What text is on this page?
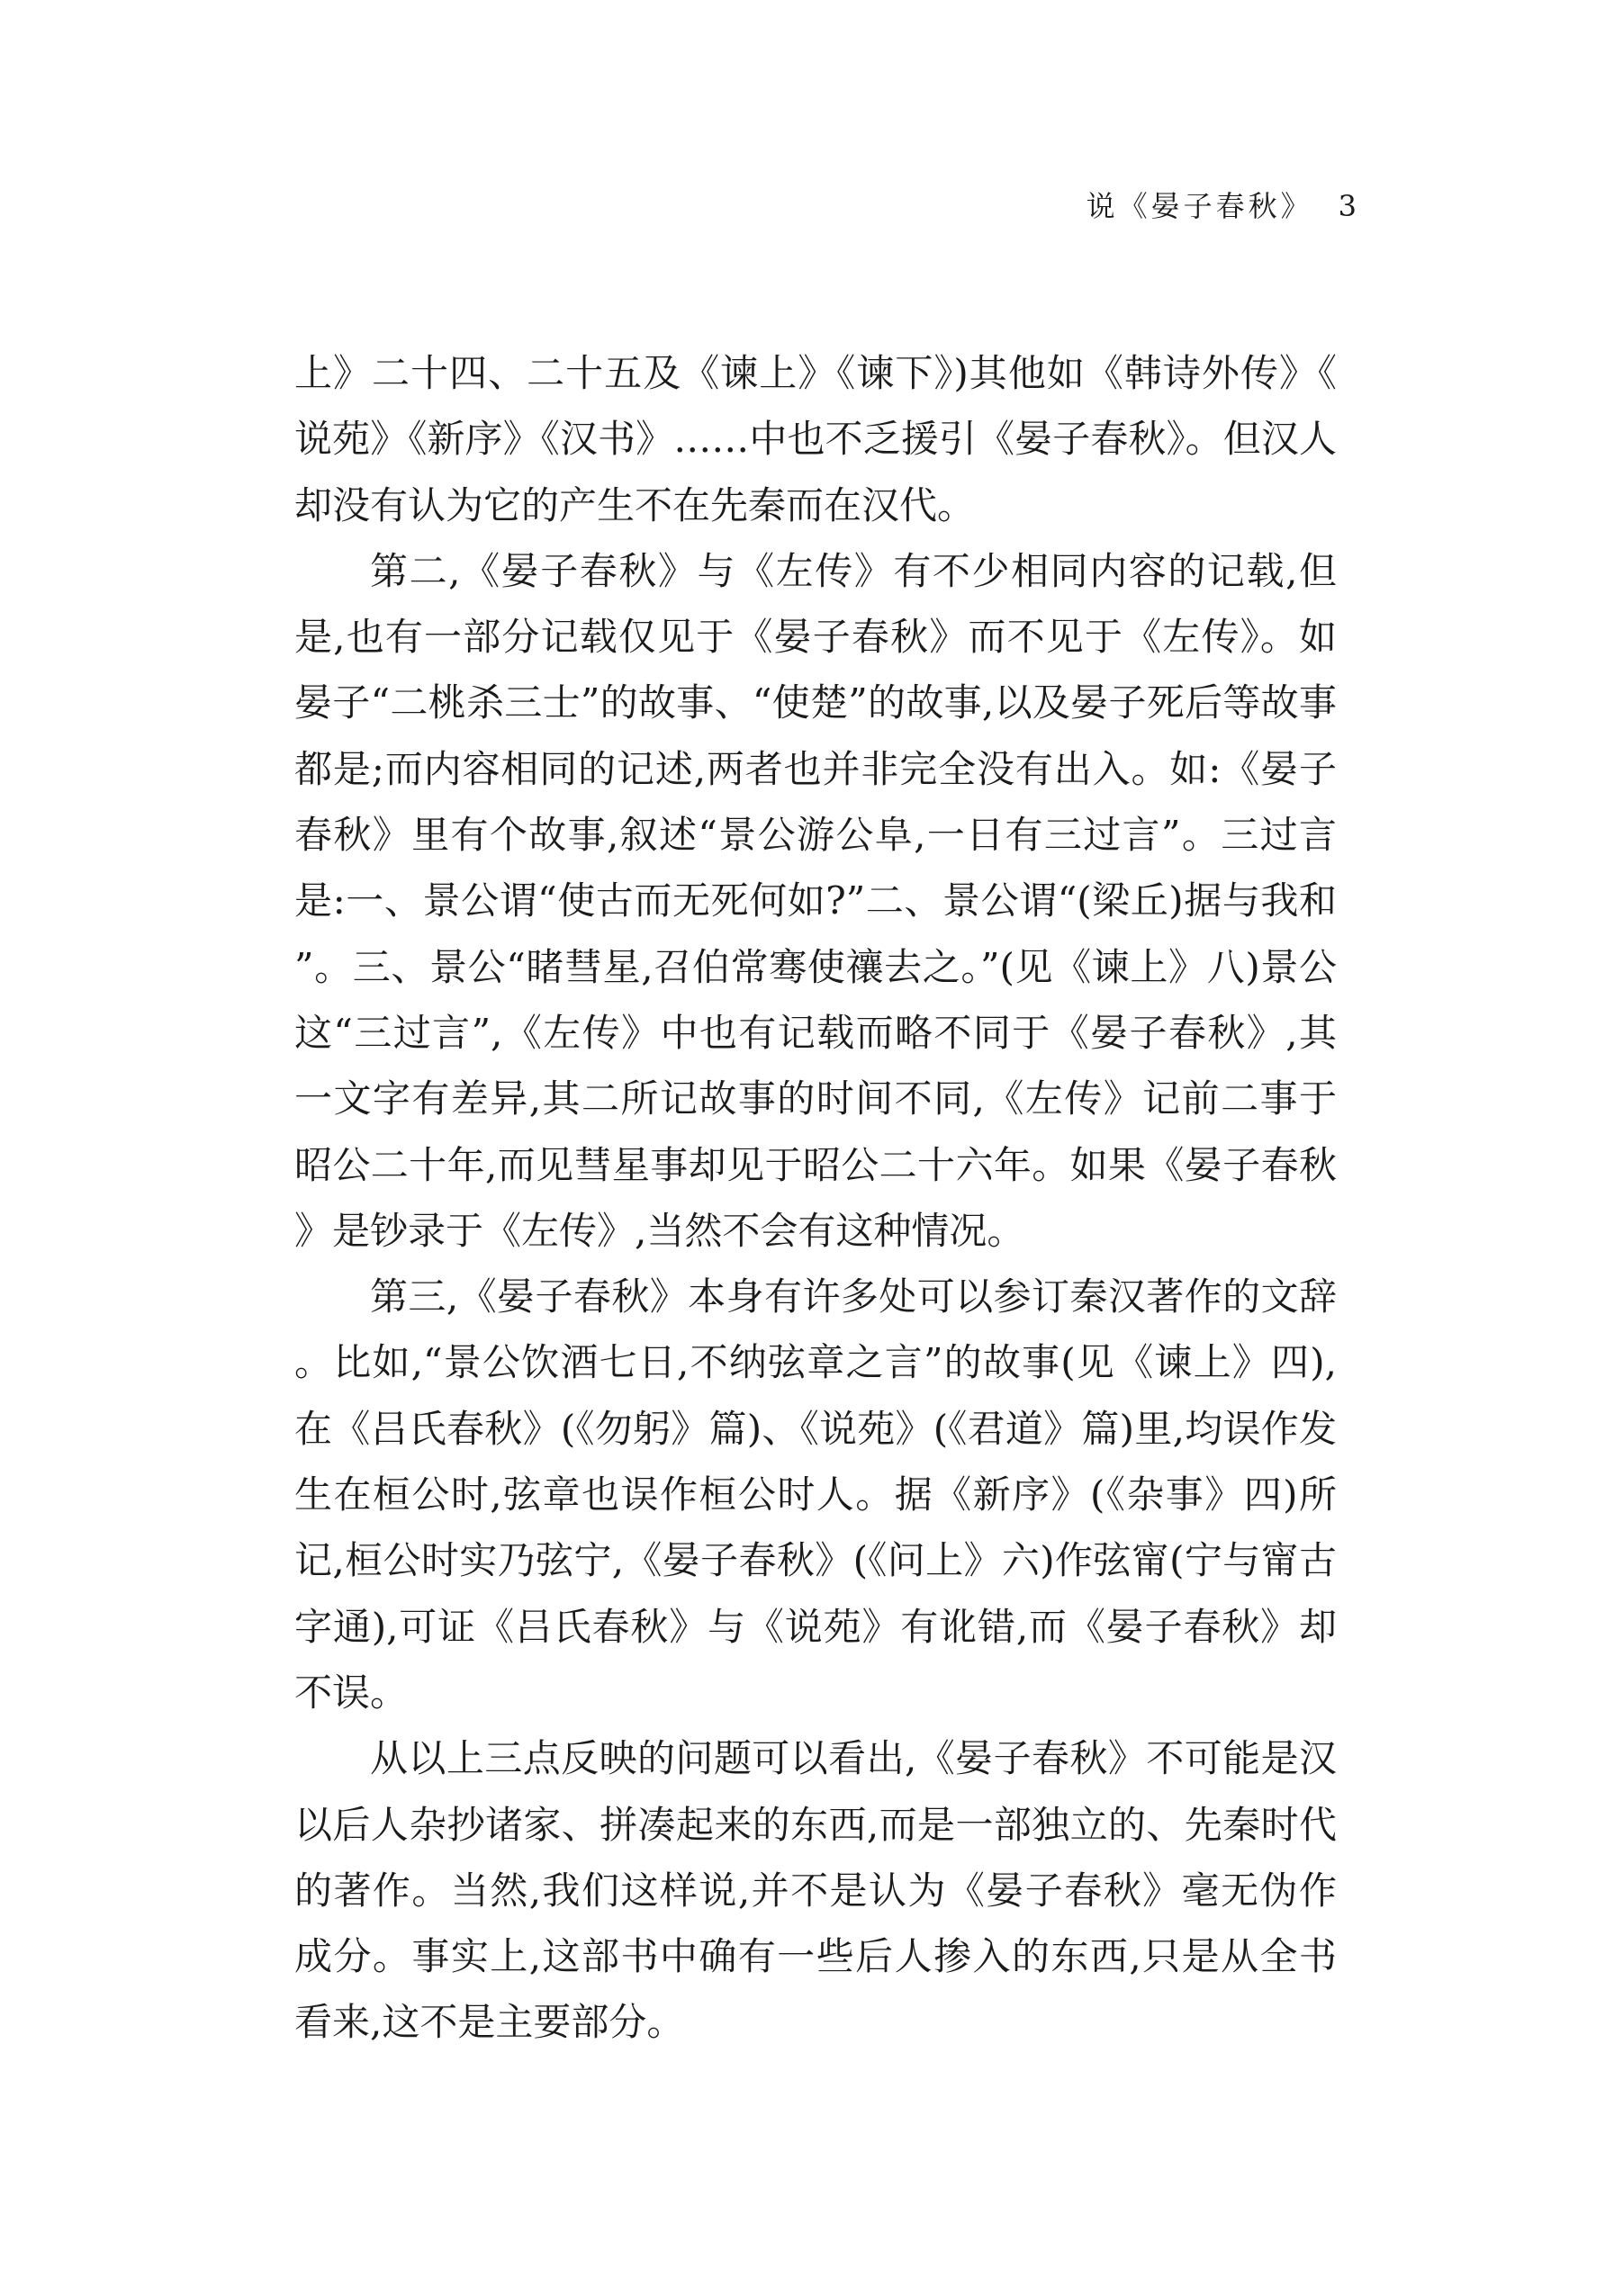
说《晏子春秋》 3

上》二十四、二十五及《谏上》《谏下》)其他如《韩诗外传》《说苑》《新序》《汉书》……中也不乏援引《晏子春秋》。但汉人却没有认为它的产生不在先秦而在汉代。

第二,《晏子春秋》与《左传》有不少相同内容的记载,但是,也有一部分记载仅见于《晏子春秋》而不见于《左传》。如晏子“二桃杀三士”的故事、“使楚”的故事,以及晏子死后等故事都是;而内容相同的记述,两者也并非完全没有出入。如:《晏子春秋》里有个故事,叙述“景公游公阜,一日有三过言”。三过言是:一、景公谓“使古而无死何如?”二、景公谓“(梁丘)据与我和”。三、景公“睹彗星,召伯常骞使禳去之。”(见《谏上》八)景公这“三过言”,《左传》中也有记载而略不同于《晏子春秋》,其一文字有差异,其二所记故事的时间不同,《左传》记前二事于昭公二十年,而见彗星事却见于昭公二十六年。如果《晏子春秋》是钞录于《左传》,当然不会有这种情况。

第三,《晏子春秋》本身有许多处可以参订秦汉著作的文辞。比如,“景公饮酒七日,不纳弦章之言”的故事(见《谏上》四),在《吕氏春秋》(《勿躬》篇)、《说苑》(《君道》篇)里,均误作发生在桓公时,弦章也误作桓公时人。据《新序》(《杂事》四)所记,桓公时实乃弦宁,《晏子春秋》(《问上》六)作弦甯(宁与甯古字通),可证《吕氏春秋》与《说苑》有讹错,而《晏子春秋》却不误。

从以上三点反映的问题可以看出,《晏子春秋》不可能是汉以后人杂抄诸家、拼凑起来的东西,而是一部独立的、先秦时代的著作。当然,我们这样说,并不是认为《晏子春秋》毫无伪作成分。事实上,这部书中确有一些后人掺入的东西,只是从全书看来,这不是主要部分。
